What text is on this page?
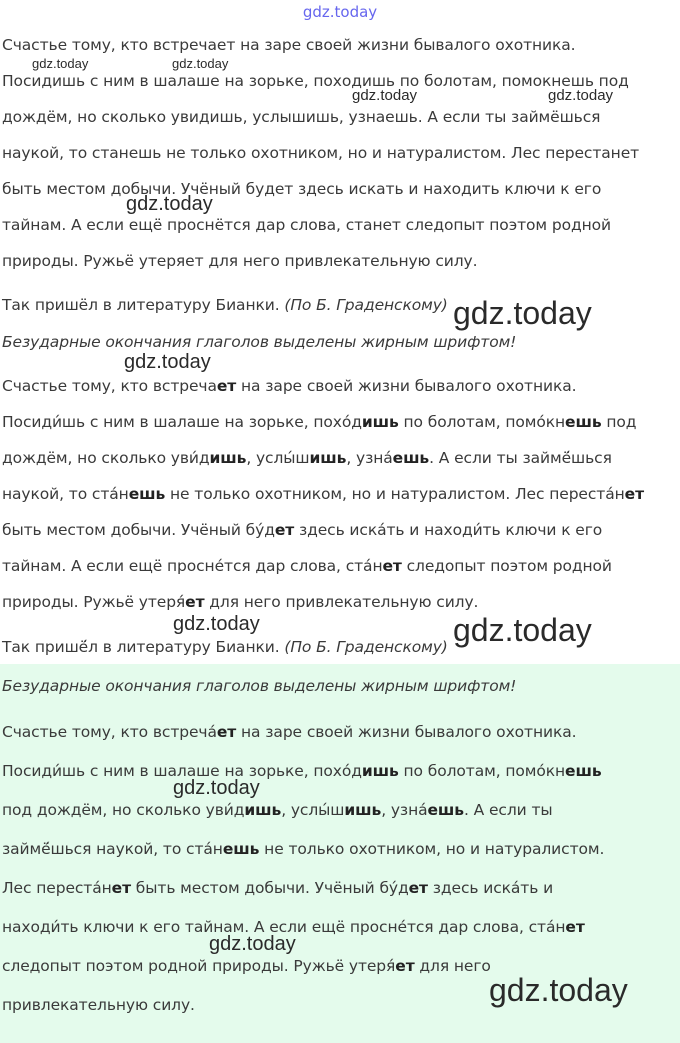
gdz.today
Счастье тому, кто встречает на заре своей жизни бывалого охотника.
Посидишь с ним в шалаше на зорьке, походишь по болотам, помокнешь под
дождём, но сколько увидишь, услышишь, узнаешь. А если ты займёшься
наукой, то станешь не только охотником, но и натуралистом. Лес перестанет
быть местом добычи. Учёный будет здесь искать и находить ключи к его
тайнам. А если ещё проснётся дар слова, станет следопыт поэтом родной
природы. Ружьё утеряет для него привлекательную силу.
Так пришёл в литературу Бианки. (По Б. Граденскому)
Безударные окончания глаголов выделены жирным шрифтом!
Счастье тому, кто встречает на заре своей жизни бывалого охотника.
Посиди́шь с ним в шалаше на зорьке, похо́дишь по болотам, помо́кнешь под
дождём, но сколько уви́дишь, услы́шишь, узна́ешь. А если ты займё́шься
наукой, то ста́нешь не только охотником, но и натуралистом. Лес переста́нет
быть местом добычи. Учёный бу́дет здесь иска́ть и находи́ть ключи к его
тайнам. А если ещё просне́тся дар слова, ста́нет следопыт поэтом родной
природы. Ружьё утеря́ет для него привлекательную силу.
Так пришё́л в литературу Бианки. (По Б. Граденскому)
Безударные окончания глаголов выделены жирным шрифтом!
Счастье тому, кто встреча́ет на заре своей жизни бывалого охотника.
Посиди́шь с ним в шалаше на зорьке, похо́дишь по болотам, помо́кнешь
под дождём, но сколько уви́дишь, услы́шишь, узна́ешь. А если ты
займё́шься наукой, то ста́нешь не только охотником, но и натуралистом.
Лес переста́нет быть местом добычи. Учёный бу́дет здесь иска́ть и
находи́ть ключи к его тайнам. А если ещё просне́тся дар слова, ста́нет
следопыт поэтом родной природы. Ружьё утеря́ет для него
привлекательную силу.
gdz.today	gdz.today
gdz.today	gdz.today
gdz.today
gdz.today
gdz.today
gdz.today	gdz.today
gdz.today
gdz.today
gdz.today
